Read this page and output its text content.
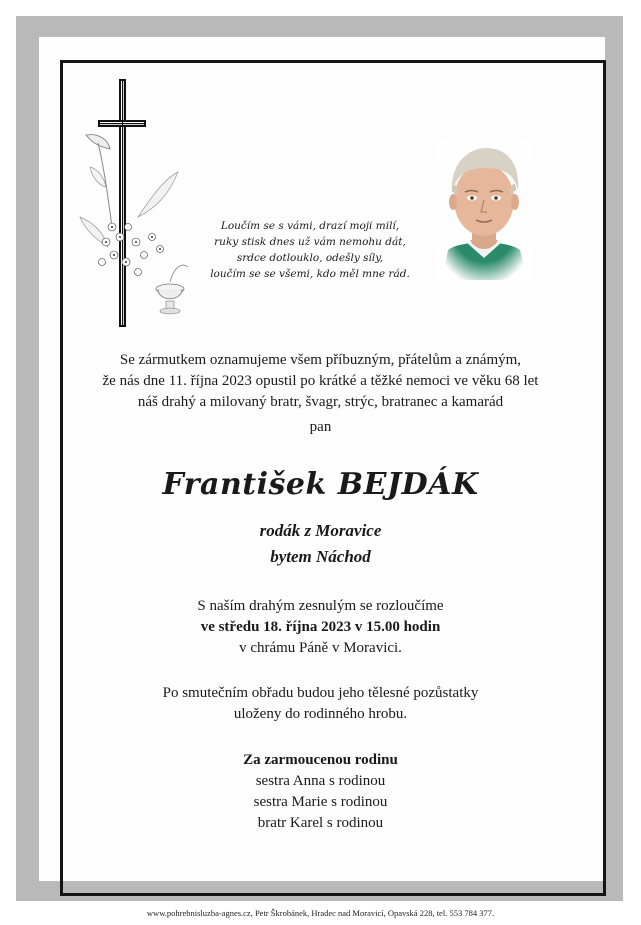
Loučím se s vámi, drazí moji milí,
ruky stisk dnes už vám nemohu dát,
srdce dotlouklo, odešly síly,
loučím se se všemi, kdo měl mne rád.
Se zármutkem oznamujeme všem příbuzným, přátelům a známým,
že nás dne 11. října 2023 opustil po krátké a těžké nemoci ve věku 68 let
náš drahý a milovaný bratr, švagr, strýc, bratranec a kamarád
pan
František BEJDÁK
rodák z Moravice
bytem Náchod
S naším drahým zesnulým se rozloučíme
ve středu 18. října 2023 v 15.00 hodin
v chrámu Páně v Moravici.
Po smutečním obřadu budou jeho tělesné pozůstatky
uloženy do rodinného hrobu.
Za zarmoucenou rodinu
sestra Anna s rodinou
sestra Marie s rodinou
bratr Karel s rodinou
www.pohrebnisluzba-agnes.cz, Petr Škrobánek, Hradec nad Moravicí, Opavská 228, tel. 553 784 377.
